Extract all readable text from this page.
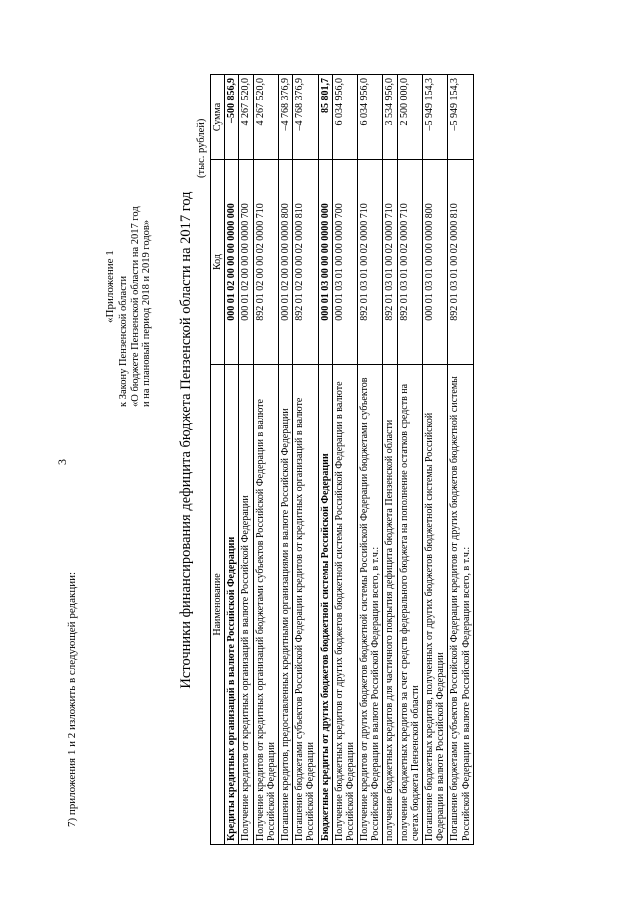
3
7) приложения 1 и 2 изложить в следующей редакции:
«Приложение 1 к Закону Пензенской области «О бюджете Пензенской области на 2017 год и на плановый период 2018 и 2019 годов» Источники финансирования дефицита бюджета Пензенской области на 2017 год
(тыс. рублей)
Наименование	Код	Сумма
Кредиты кредитных организаций в валюте Российской Федерации	000 01 02 00 00 00 0000 000	–500 856,9
Получение кредитов от кредитных организаций в валюте Российской Федерации	000 01 02 00 00 00 0000 700	4 267 520,0
Получение кредитов от кредитных организаций бюджетами субъектов Российской Федерации в валюте Российской Федерации	892 01 02 00 00 02 0000 710	4 267 520,0
Погашение кредитов, предоставленных кредитными организациями в валюте Российской Федерации	000 01 02 00 00 00 0000 800	–4 768 376,9
Погашение бюджетами субъектов Российской Федерации кредитов от кредитных организаций в валюте Российской Федерации	892 01 02 00 00 02 0000 810	–4 768 376,9
Бюджетные кредиты от других бюджетов бюджетной системы Российской Федерации	000 01 03 00 00 00 0000 000	85 801,7
Получение бюджетных кредитов от других бюджетов бюджетной системы Российской Федерации в валюте Российской Федерации	000 01 03 01 00 00 0000 700	6 034 956,0
Получение кредитов от других бюджетов бюджетной системы Российской Федерации бюджетами субъектов Российской Федерации в валюте Российской Федерации всего, в т.ч.:	892 01 03 01 00 02 0000 710	6 034 956,0
получение бюджетных кредитов для частичного покрытия дефицита бюджета Пензенской области	892 01 03 01 00 02 0000 710	3 534 956,0
получение бюджетных кредитов за счет средств федерального бюджета на пополнение остатков средств на счетах бюджета Пензенской области	892 01 03 01 00 02 0000 710	2 500 000,0
Погашение бюджетных кредитов, полученных от других бюджетов бюджетной системы Российской Федерации в валюте Российской Федерации	000 01 03 01 00 00 0000 800	–5 949 154,3
Погашение бюджетами субъектов Российской Федерации кредитов от других бюджетов бюджетной системы Российской Федерации в валюте Российской Федерации всего, в т.ч.:	892 01 03 01 00 02 0000 810	–5 949 154,3
